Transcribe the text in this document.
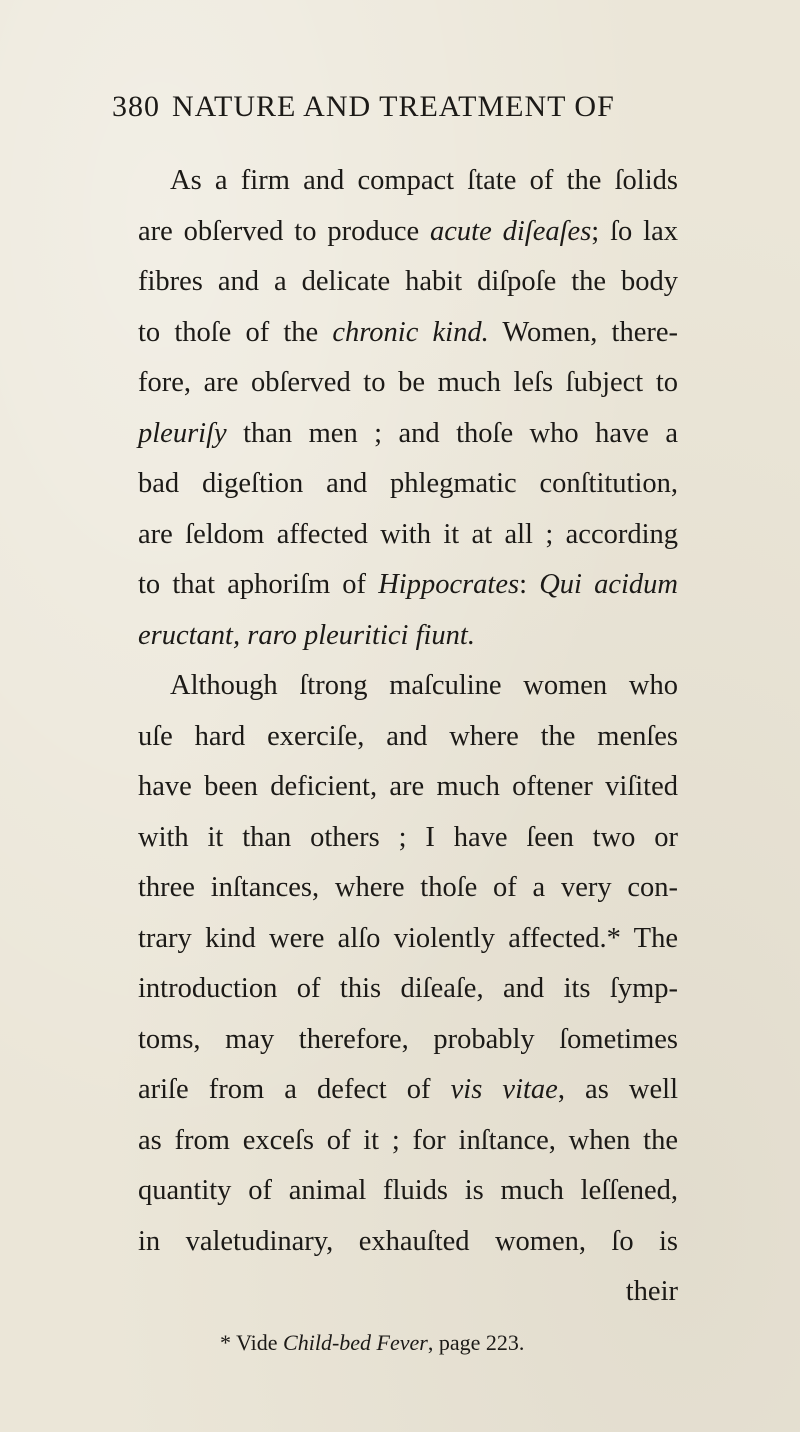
380 NATURE AND TREATMENT OF
As a firm and compact ſtate of the ſolids
are obſerved to produce acute diſeaſes; ſo lax
fibres and a delicate habit diſpoſe the body
to thoſe of the chronic kind. Women, there-
fore, are obſerved to be much leſs ſubject to
pleuriſy than men ; and thoſe who have a
bad digeſtion and phlegmatic conſtitution,
are ſeldom affected with it at all ; according
to that aphoriſm of Hippocrates: Qui acidum
eructant, raro pleuritici fiunt.
Although ſtrong maſculine women who
uſe hard exerciſe, and where the menſes
have been deficient, are much oftener viſited
with it than others ; I have ſeen two or
three inſtances, where thoſe of a very con-
trary kind were alſo violently affected.* The
introduction of this diſeaſe, and its ſymp-
toms, may therefore, probably ſometimes
ariſe from a defect of vis vitae, as well
as from exceſs of it ; for inſtance, when the
quantity of animal fluids is much leſſened,
in valetudinary, exhauſted women, ſo is
their
* Vide Child-bed Fever, page 223.
